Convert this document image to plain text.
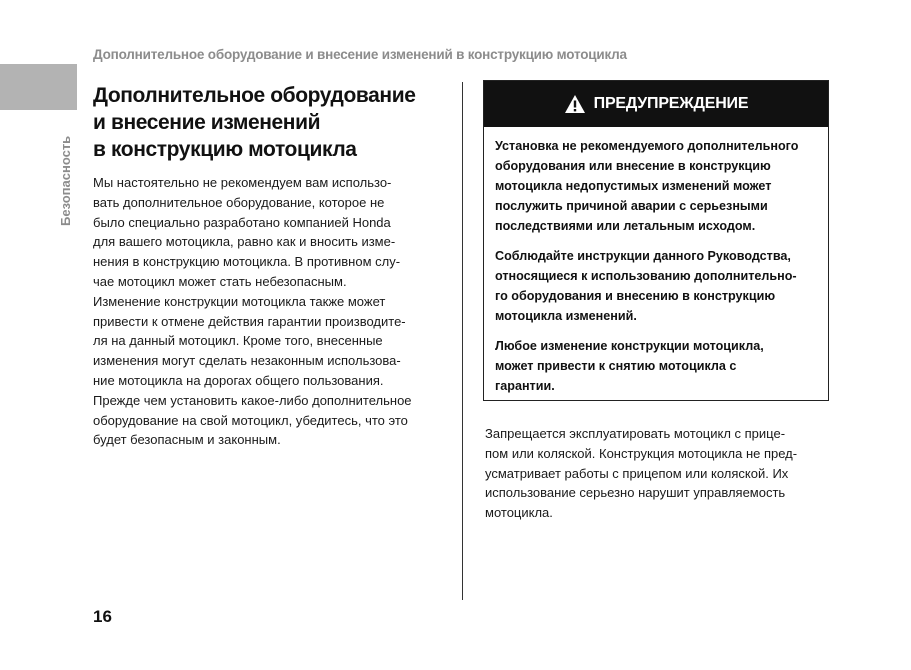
Дополнительное оборудование и внесение изменений в конструкцию мотоцикла
Безопасность
Дополнительное оборудование
и внесение изменений
в конструкцию мотоцикла
Мы настоятельно не рекомендуем вам использо-
вать дополнительное оборудование, которое не
было специально разработано компанией Honda
для вашего мотоцикла, равно как и вносить изме-
нения в конструкцию мотоцикла. В противном слу-
чае мотоцикл может стать небезопасным.
Изменение конструкции мотоцикла также может
привести к отмене действия гарантии производите-
ля на данный мотоцикл. Кроме того, внесенные
изменения могут сделать незаконным использова-
ние мотоцикла на дорогах общего пользования.
Прежде чем установить какое-либо дополнительное
оборудование на свой мотоцикл, убедитесь, что это
будет безопасным и законным.
ПРЕДУПРЕЖДЕНИЕ
Установка не рекомендуемого дополнительного
оборудования или внесение в конструкцию
мотоцикла недопустимых изменений может
послужить причиной аварии с серьезными
последствиями или летальным исходом.
Соблюдайте инструкции данного Руководства,
относящиеся к использованию дополнительно-
го оборудования и внесению в конструкцию
мотоцикла изменений.
Любое изменение конструкции мотоцикла,
может привести к снятию мотоцикла с
гарантии.
Запрещается эксплуатировать мотоцикл с прице-
пом или коляской. Конструкция мотоцикла не пред-
усматривает работы с прицепом или коляской. Их
использование серьезно нарушит управляемость
мотоцикла.
16
